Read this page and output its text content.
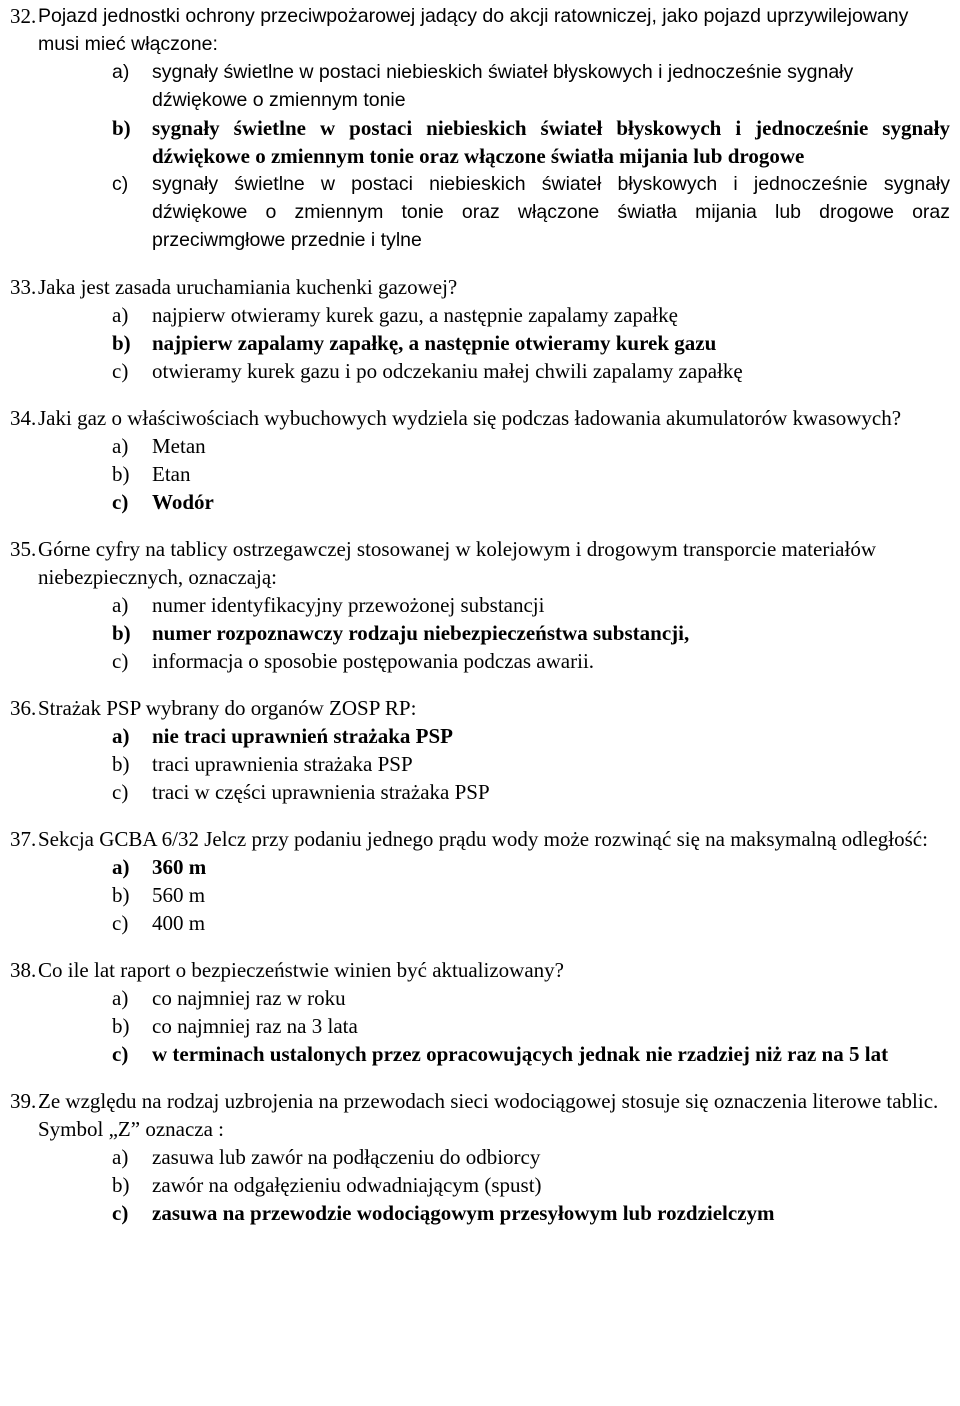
32. Pojazd jednostki ochrony przeciwpożarowej jadący do akcji ratowniczej, jako pojazd uprzywilejowany musi mieć włączone:
a)	sygnały świetlne w postaci niebieskich świateł błyskowych i jednocześnie sygnały dźwiękowe o zmiennym tonie
b)	sygnały świetlne w postaci niebieskich świateł błyskowych i jednocześnie sygnały dźwiękowe o zmiennym tonie oraz włączone światła mijania lub drogowe
c)	sygnały świetlne w postaci niebieskich świateł błyskowych i jednocześnie sygnały dźwiękowe o zmiennym tonie oraz włączone światła mijania lub drogowe oraz przeciwmgłowe przednie i tylne
33. Jaka jest zasada uruchamiania kuchenki gazowej?
a)	najpierw otwieramy kurek gazu, a następnie zapalamy zapałkę
b)	najpierw zapalamy zapałkę, a następnie otwieramy kurek gazu
c)	otwieramy kurek gazu i po odczekaniu małej chwili zapalamy zapałkę
34. Jaki gaz o właściwościach wybuchowych wydziela się podczas ładowania akumulatorów kwasowych?
a)	Metan
b)	Etan
c)	Wodór
35. Górne cyfry na tablicy ostrzegawczej stosowanej w kolejowym i drogowym transporcie materiałów niebezpiecznych, oznaczają:
a)	numer identyfikacyjny przewożonej substancji
b)	numer rozpoznawczy rodzaju niebezpieczeństwa substancji,
c)	informacja o sposobie postępowania podczas awarii.
36. Strażak PSP wybrany do organów ZOSP RP:
a)	nie traci uprawnień strażaka PSP
b)	traci uprawnienia strażaka PSP
c)	traci w części uprawnienia strażaka PSP
37. Sekcja GCBA 6/32 Jelcz przy podaniu jednego prądu wody może rozwinąć się na maksymalną odległość:
a)	360 m
b)	560 m
c)	400 m
38. Co ile lat raport o bezpieczeństwie winien być aktualizowany?
a)	co najmniej raz w roku
b)	co najmniej raz na 3 lata
c)	w terminach ustalonych przez opracowujących jednak nie rzadziej niż raz na 5 lat
39. Ze względu na rodzaj uzbrojenia na przewodach sieci wodociągowej stosuje się oznaczenia literowe tablic. Symbol „Z” oznacza :
a)	zasuwa lub zawór na podłączeniu do odbiorcy
b)	zawór na odgałęzieniu odwadniającym (spust)
c)	zasuwa na przewodzie wodociągowym przesyłowym lub rozdzielczym
